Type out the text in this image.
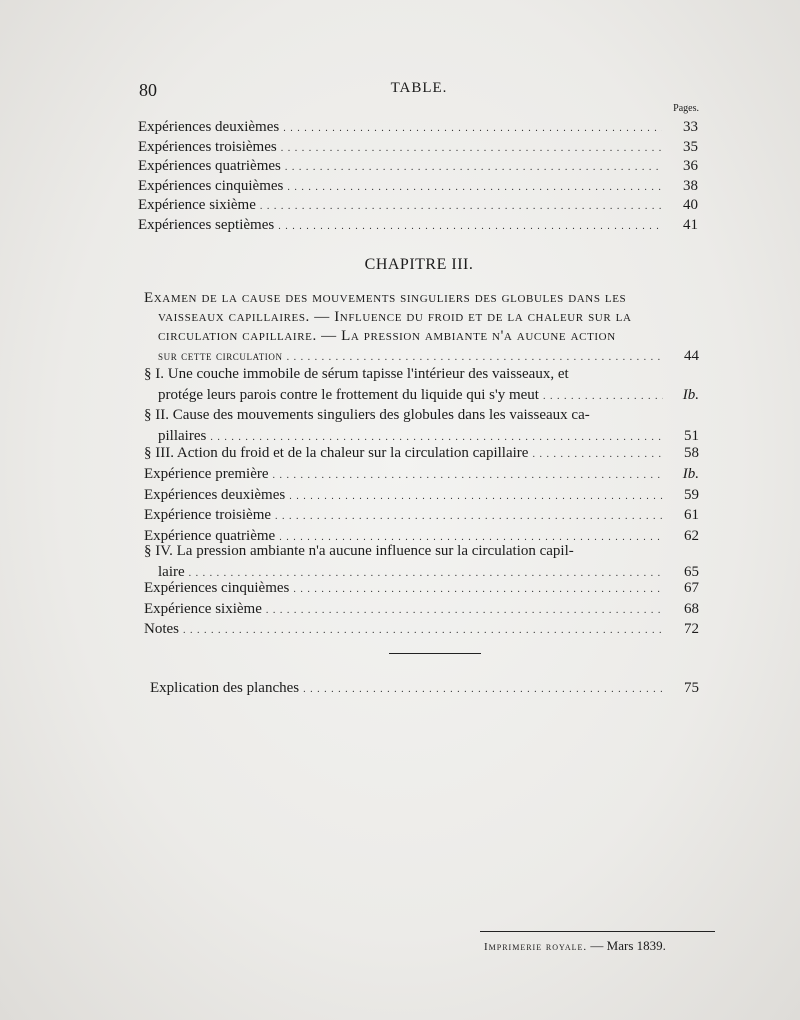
80	TABLE.
Pages.
Expériences deuxièmes . . .	33
Expériences troisièmes . . .	35
Expériences quatrièmes . . .	36
Expériences cinquièmes . . .	38
Expérience sixième . . .	40
Expériences septièmes . . .	41
CHAPITRE III.
Examen de la cause des mouvements singuliers des globules dans les
vaisseaux capillaires. — Influence du froid et de la chaleur sur la
circulation capillaire. — La pression ambiante n'a aucune action
sur cette circulation . . .	44
§ I. Une couche immobile de sérum tapisse l'intérieur des vaisseaux, et
protége leurs parois contre le frottement du liquide qui s'y meut . . .	Ib.
§ II. Cause des mouvements singuliers des globules dans les vaisseaux ca-
pillaires . . .	51
§ III. Action du froid et de la chaleur sur la circulation capillaire . . .	58
Expérience première . . .	Ib.
Expériences deuxièmes . . .	59
Expérience troisième . . .	61
Expérience quatrième . . .	62
§ IV. La pression ambiante n'a aucune influence sur la circulation capil-
laire . . .	65
Expériences cinquièmes . . .	67
Expérience sixième . . .	68
Notes . . .	72
Explication des planches . . .	75
Imprimerie royale. — Mars 1839.
